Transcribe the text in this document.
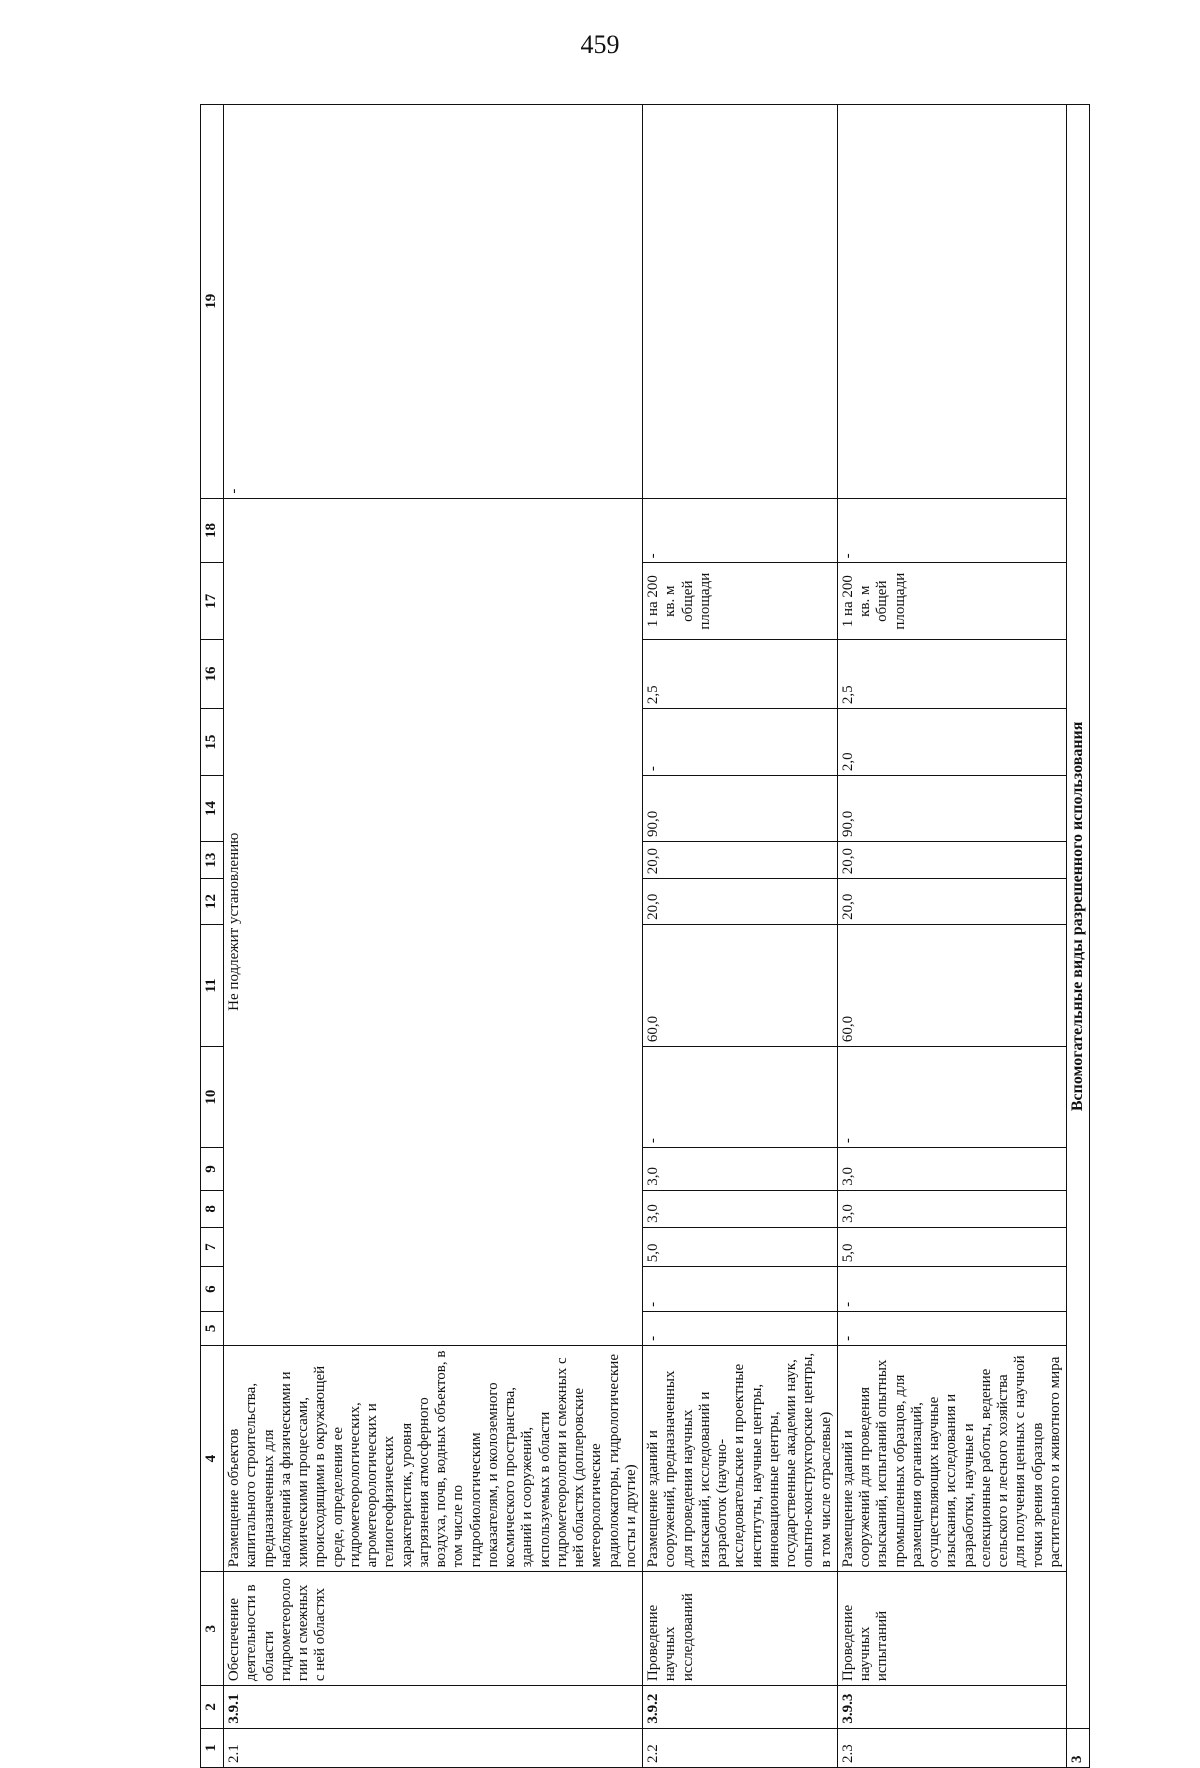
459
1	2	3	4	5	6	7	8	9	10	11	12	13	14	15	16	17	18	19
2.1	3.9.1	Обеспечение деятельности в области гидрометеорологии и смежных с ней областях	Размещение объектов капитального строительства, предназначенных для наблюдений за физическими и химическими процессами, происходящими в окружающей среде, определения ее гидрометеорологических, агрометеорологических и гелиогеофизических характеристик, уровня загрязнения атмосферного воздуха, почв, водных объектов, в том числе по гидробиологическим показателям, и околоземного космического пространства, зданий и сооружений, используемых в области гидрометеорологии и смежных с ней областях (доплеровские метеорологические радиолокаторы, гидрологические посты и другие)	Не подлежит установлению														-
2.2	3.9.2	Проведение научных исследований	Размещение зданий и сооружений, предназначенных для проведения научных изысканий, исследований и разработок (научно-исследовательские и проектные институты, научные центры, инновационные центры, государственные академии наук, опытно-конструкторские центры, в том числе отраслевые)	-	-	5,0	3,0	3,0	-	60,0	20,0	20,0	90,0	-	2,5	1 на 200 кв. м общей площади	-	
2.3	3.9.3	Проведение научных испытаний	Размещение зданий и сооружений для проведения изысканий, испытаний опытных промышленных образцов, для размещения организаций, осуществляющих научные изыскания, исследования и разработки, научные и селекционные работы, ведение сельского и лесного хозяйства для получения ценных с научной точки зрения образцов растительного и животного мира	-	-	5,0	3,0	3,0	-	60,0	20,0	20,0	90,0	2,0	2,5	1 на 200 кв. м общей площади	-	
3	Вспомогательные виды разрешенного использования																	
